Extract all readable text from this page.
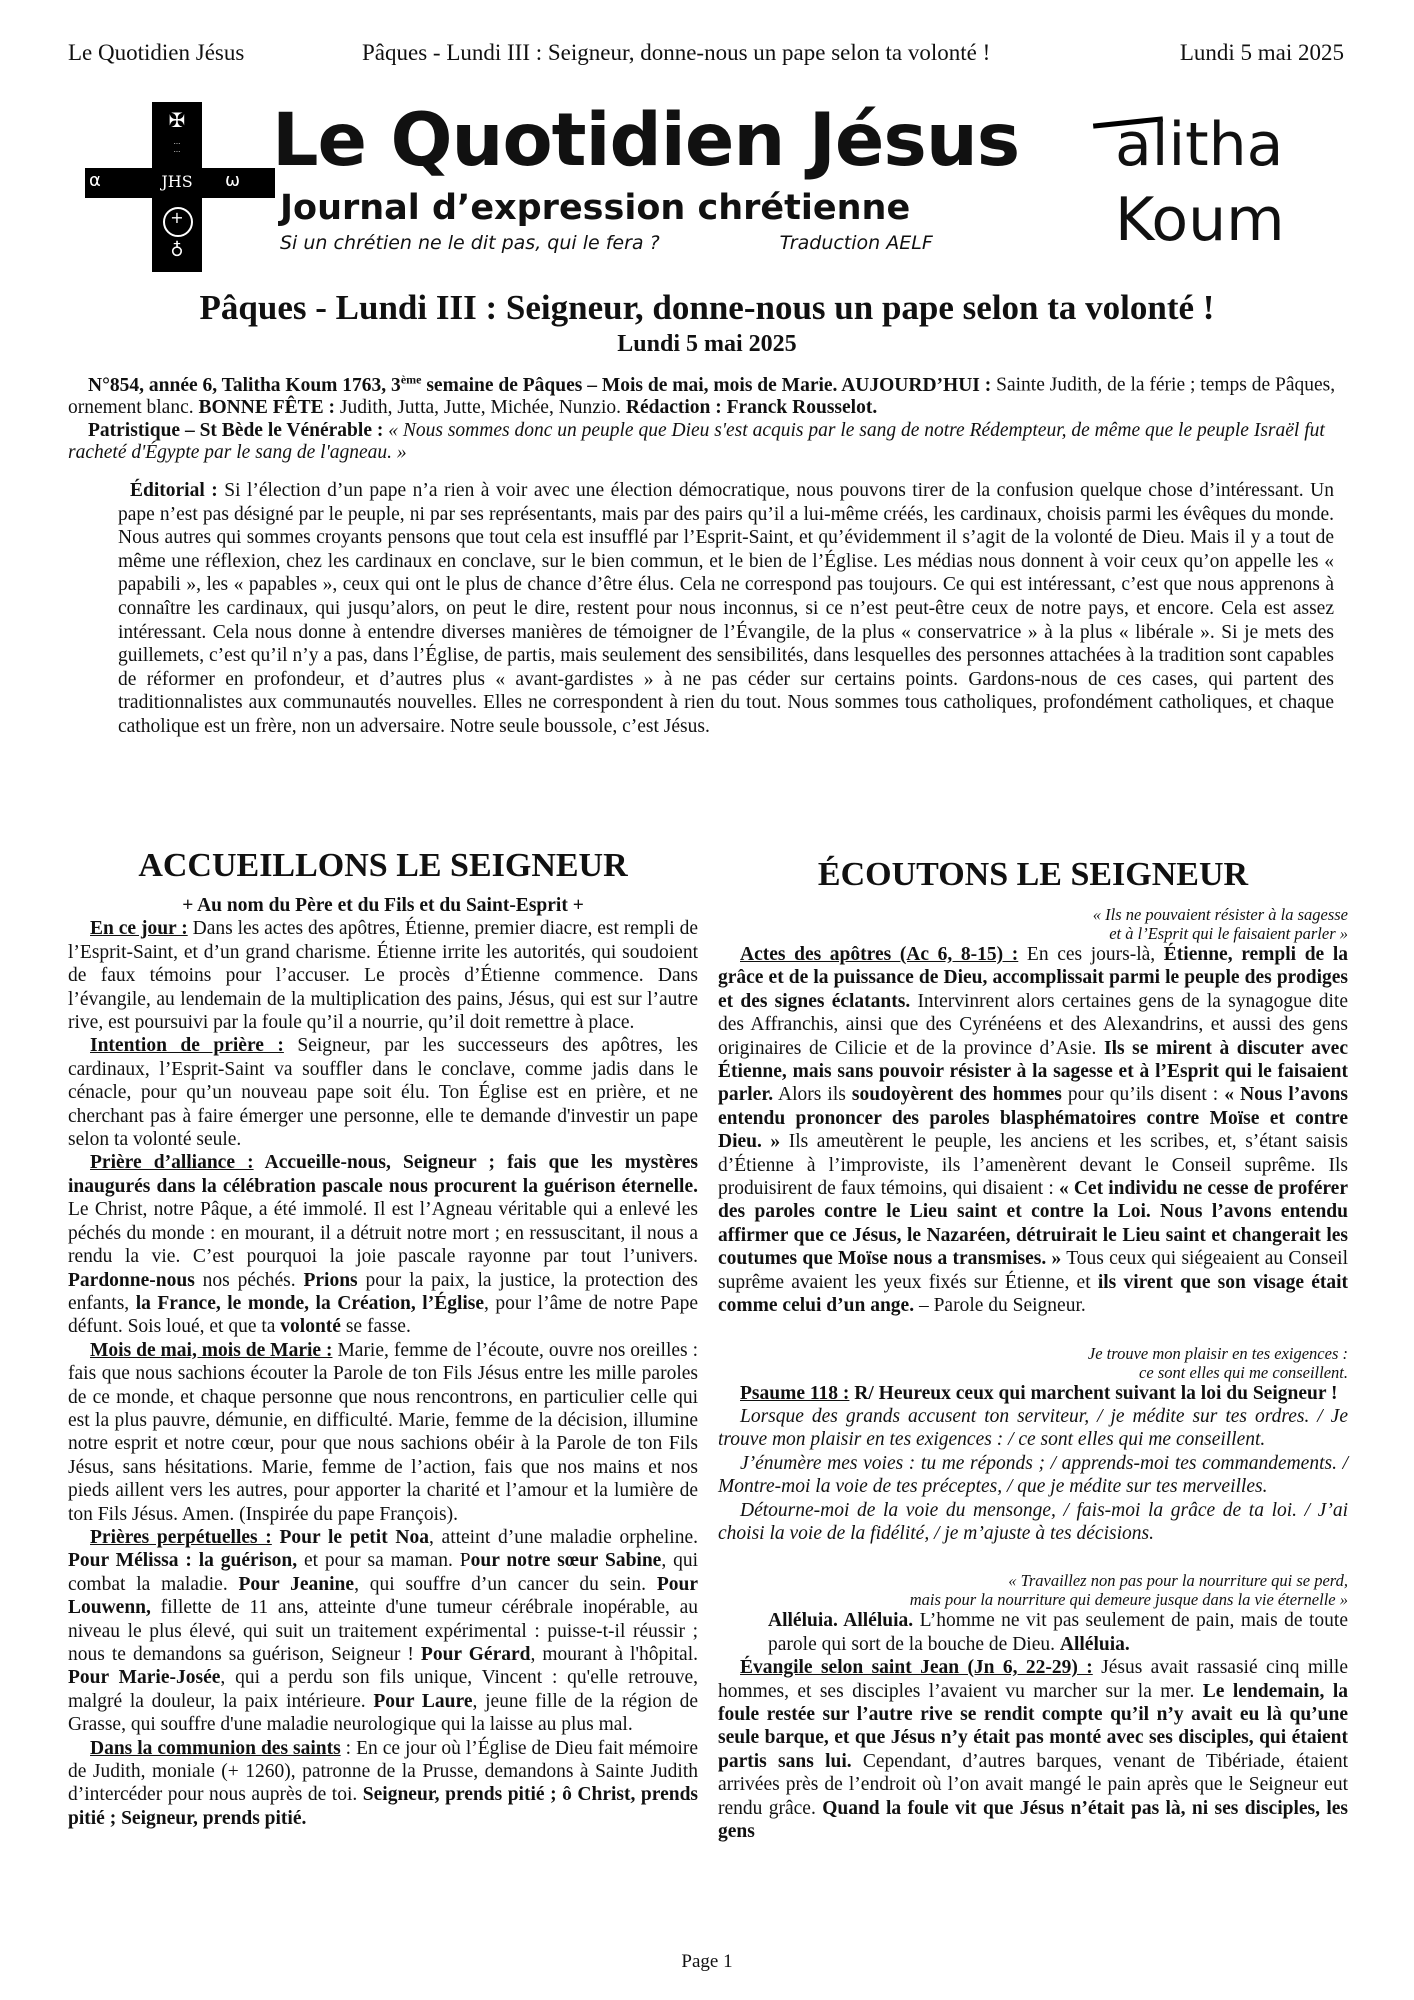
Le Quotidien Jésus	Pâques - Lundi III : Seigneur, donne-nous un pape selon ta volonté !	Lundi 5 mai 2025
✠
···
···
α	JHS	ω
+
♁
Le Quotidien Jésus
Journal d’expression chrétienne
Si un chrétien ne le dit pas, qui le fera ?	Traduction AELF
alitha
Koum
Pâques - Lundi III : Seigneur, donne-nous un pape selon ta volonté !
Lundi 5 mai 2025

N°854, année 6, Talitha Koum 1763, 3ème semaine de Pâques – Mois de mai, mois de Marie. AUJOURD’HUI : Sainte Judith, de la férie ; temps de Pâques, ornement blanc. BONNE FÊTE : Judith, Jutta, Jutte, Michée, Nunzio. Rédaction : Franck Rousselot.

Patristique – St Bède le Vénérable : « Nous sommes donc un peuple que Dieu s'est acquis par le sang de notre Rédempteur, de même que le peuple Israël fut racheté d'Égypte par le sang de l'agneau. »

Éditorial : Si l’élection d’un pape n’a rien à voir avec une élection démocratique, nous pouvons tirer de la confusion quelque chose d’intéressant. Un pape n’est pas désigné par le peuple, ni par ses représentants, mais par des pairs qu’il a lui-même créés, les cardinaux, choisis parmi les évêques du monde. Nous autres qui sommes croyants pensons que tout cela est insufflé par l’Esprit-Saint, et qu’évidemment il s’agit de la volonté de Dieu. Mais il y a tout de même une réflexion, chez les cardinaux en conclave, sur le bien commun, et le bien de l’Église. Les médias nous donnent à voir ceux qu’on appelle les « papabili », les « papables », ceux qui ont le plus de chance d’être élus. Cela ne correspond pas toujours. Ce qui est intéressant, c’est que nous apprenons à connaître les cardinaux, qui jusqu’alors, on peut le dire, restent pour nous inconnus, si ce n’est peut-être ceux de notre pays, et encore. Cela est assez intéressant. Cela nous donne à entendre diverses manières de témoigner de l’Évangile, de la plus « conservatrice » à la plus « libérale ». Si je mets des guillemets, c’est qu’il n’y a pas, dans l’Église, de partis, mais seulement des sensibilités, dans lesquelles des personnes attachées à la tradition sont capables de réformer en profondeur, et d’autres plus « avant-gardistes » à ne pas céder sur certains points. Gardons-nous de ces cases, qui partent des traditionnalistes aux communautés nouvelles. Elles ne correspondent à rien du tout. Nous sommes tous catholiques, profondément catholiques, et chaque catholique est un frère, non un adversaire. Notre seule boussole, c’est Jésus.
ACCUEILLONS LE SEIGNEUR

+ Au nom du Père et du Fils et du Saint-Esprit +

En ce jour : Dans les actes des apôtres, Étienne, premier diacre, est rempli de l’Esprit-Saint, et d’un grand charisme. Étienne irrite les autorités, qui soudoient de faux témoins pour l’accuser. Le procès d’Étienne commence. Dans l’évangile, au lendemain de la multiplication des pains, Jésus, qui est sur l’autre rive, est poursuivi par la foule qu’il a nourrie, qu’il doit remettre à place.

Intention de prière : Seigneur, par les successeurs des apôtres, les cardinaux, l’Esprit-Saint va souffler dans le conclave, comme jadis dans le cénacle, pour qu’un nouveau pape soit élu. Ton Église est en prière, et ne cherchant pas à faire émerger une personne, elle te demande d'investir un pape selon ta volonté seule.

Prière d’alliance : Accueille-nous, Seigneur ; fais que les mystères inaugurés dans la célébration pascale nous procurent la guérison éternelle. Le Christ, notre Pâque, a été immolé. Il est l’Agneau véritable qui a enlevé les péchés du monde : en mourant, il a détruit notre mort ; en ressuscitant, il nous a rendu la vie. C’est pourquoi la joie pascale rayonne par tout l’univers. Pardonne-nous nos péchés. Prions pour la paix, la justice, la protection des enfants, la France, le monde, la Création, l’Église, pour l’âme de notre Pape défunt. Sois loué, et que ta volonté se fasse.

Mois de mai, mois de Marie : Marie, femme de l’écoute, ouvre nos oreilles : fais que nous sachions écouter la Parole de ton Fils Jésus entre les mille paroles de ce monde, et chaque personne que nous rencontrons, en particulier celle qui est la plus pauvre, démunie, en difficulté. Marie, femme de la décision, illumine notre esprit et notre cœur, pour que nous sachions obéir à la Parole de ton Fils Jésus, sans hésitations. Marie, femme de l’action, fais que nos mains et nos pieds aillent vers les autres, pour apporter la charité et l’amour et la lumière de ton Fils Jésus. Amen. (Inspirée du pape François).

Prières perpétuelles : Pour le petit Noa, atteint d’une maladie orpheline. Pour Mélissa : la guérison, et pour sa maman. Pour notre sœur Sabine, qui combat la maladie. Pour Jeanine, qui souffre d’un cancer du sein. Pour Louwenn, fillette de 11 ans, atteinte d'une tumeur cérébrale inopérable, au niveau le plus élevé, qui suit un traitement expérimental : puisse-t-il réussir ; nous te demandons sa guérison, Seigneur ! Pour Gérard, mourant à l'hôpital. Pour Marie-Josée, qui a perdu son fils unique, Vincent : qu'elle retrouve, malgré la douleur, la paix intérieure. Pour Laure, jeune fille de la région de Grasse, qui souffre d'une maladie neurologique qui la laisse au plus mal.

Dans la communion des saints : En ce jour où l’Église de Dieu fait mémoire de Judith, moniale (+ 1260), patronne de la Prusse, demandons à Sainte Judith d’intercéder pour nous auprès de toi. Seigneur, prends pitié ; ô Christ, prends pitié ; Seigneur, prends pitié.

ÉCOUTONS LE SEIGNEUR

« Ils ne pouvaient résister à la sagesse
et à l’Esprit qui le faisaient parler »

Actes des apôtres (Ac 6, 8-15) : En ces jours-là, Étienne, rempli de la grâce et de la puissance de Dieu, accomplissait parmi le peuple des prodiges et des signes éclatants. Intervinrent alors certaines gens de la synagogue dite des Affranchis, ainsi que des Cyrénéens et des Alexandrins, et aussi des gens originaires de Cilicie et de la province d’Asie. Ils se mirent à discuter avec Étienne, mais sans pouvoir résister à la sagesse et à l’Esprit qui le faisaient parler. Alors ils soudoyèrent des hommes pour qu’ils disent : « Nous l’avons entendu prononcer des paroles blasphématoires contre Moïse et contre Dieu. » Ils ameutèrent le peuple, les anciens et les scribes, et, s’étant saisis d’Étienne à l’improviste, ils l’amenèrent devant le Conseil suprême. Ils produisirent de faux témoins, qui disaient : « Cet individu ne cesse de proférer des paroles contre le Lieu saint et contre la Loi. Nous l’avons entendu affirmer que ce Jésus, le Nazaréen, détruirait le Lieu saint et changerait les coutumes que Moïse nous a transmises. » Tous ceux qui siégeaient au Conseil suprême avaient les yeux fixés sur Étienne, et ils virent que son visage était comme celui d’un ange. – Parole du Seigneur.

Je trouve mon plaisir en tes exigences :
ce sont elles qui me conseillent.

Psaume 118 : R/ Heureux ceux qui marchent suivant la loi du Seigneur !

Lorsque des grands accusent ton serviteur, / je médite sur tes ordres. / Je trouve mon plaisir en tes exigences : / ce sont elles qui me conseillent.

J’énumère mes voies : tu me réponds ; / apprends-moi tes commandements. / Montre-moi la voie de tes préceptes, / que je médite sur tes merveilles.

Détourne-moi de la voie du mensonge, / fais-moi la grâce de ta loi. / J’ai choisi la voie de la fidélité, / je m’ajuste à tes décisions.

« Travaillez non pas pour la nourriture qui se perd,
mais pour la nourriture qui demeure jusque dans la vie éternelle »

Alléluia. Alléluia. L’homme ne vit pas seulement de pain, mais de toute parole qui sort de la bouche de Dieu. Alléluia.

Évangile selon saint Jean (Jn 6, 22-29) : Jésus avait rassasié cinq mille hommes, et ses disciples l’avaient vu marcher sur la mer. Le lendemain, la foule restée sur l’autre rive se rendit compte qu’il n’y avait eu là qu’une seule barque, et que Jésus n’y était pas monté avec ses disciples, qui étaient partis sans lui. Cependant, d’autres barques, venant de Tibériade, étaient arrivées près de l’endroit où l’on avait mangé le pain après que le Seigneur eut rendu grâce. Quand la foule vit que Jésus n’était pas là, ni ses disciples, les gens

Page 1
